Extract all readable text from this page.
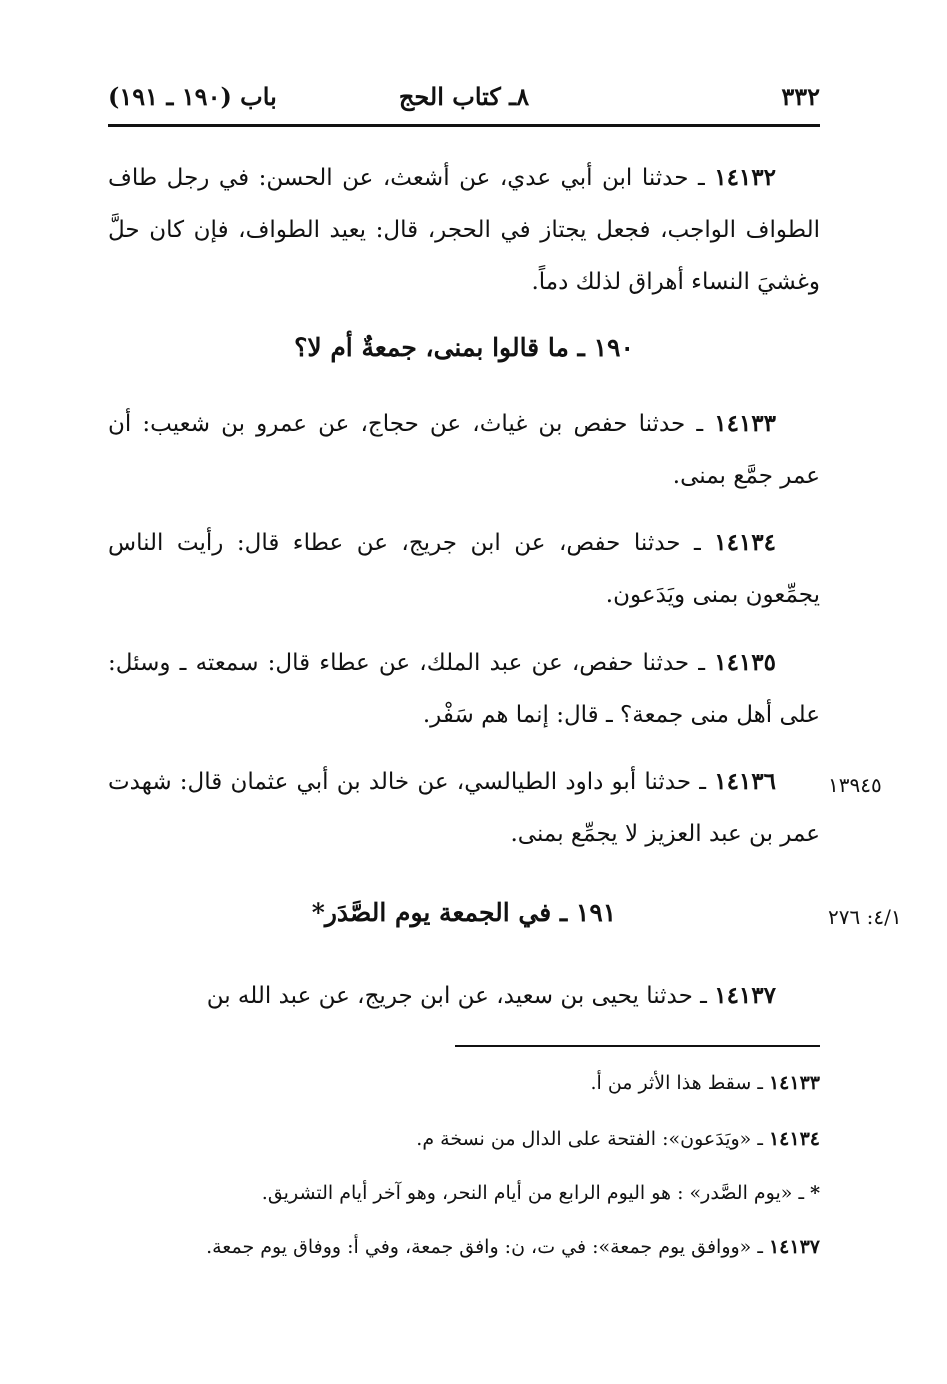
٣٣٢
٨ـ كتاب الحج
باب (١٩٠ ـ ١٩١)
١٤١٣٢ ـ حدثنا ابن أبي عدي، عن أشعث، عن الحسن: في رجل طاف الطواف الواجب، فجعل يجتاز في الحجر، قال: يعيد الطواف، فإن كان حلَّ وغشيَ النساء أهراق لذلك دماً.
١٩٠ ـ ما قالوا بمنى، جمعةٌ أم لا؟
١٤١٣٣ ـ حدثنا حفص بن غياث، عن حجاج، عن عمرو بن شعيب: أن عمر جمَّع بمنى.
١٤١٣٤ ـ حدثنا حفص، عن ابن جريج، عن عطاء قال: رأيت الناس يجمِّعون بمنى ويَدَعون.
١٤١٣٥ ـ حدثنا حفص، عن عبد الملك، عن عطاء قال: سمعته ـ وسئل: على أهل منى جمعة؟ ـ قال: إنما هم سَفْر.
١٣٩٤٥
١٤١٣٦ ـ حدثنا أبو داود الطيالسي، عن خالد بن أبي عثمان قال: شهدت عمر بن عبد العزيز لا يجمِّع بمنى.
٤/١: ٢٧٦
١٩١ ـ في الجمعة يوم الصَّدَر*
١٤١٣٧ ـ حدثنا يحيى بن سعيد، عن ابن جريج، عن عبد الله بن
١٤١٣٣ ـ سقط هذا الأثر من أ.
١٤١٣٤ ـ «ويَدَعون»: الفتحة على الدال من نسخة م.
* ـ «يوم الصَّدر» : هو اليوم الرابع من أيام النحر، وهو آخر أيام التشريق.
١٤١٣٧ ـ «ووافق يوم جمعة»: في ت، ن: وافق جمعة، وفي أ: ووفاق يوم جمعة.
